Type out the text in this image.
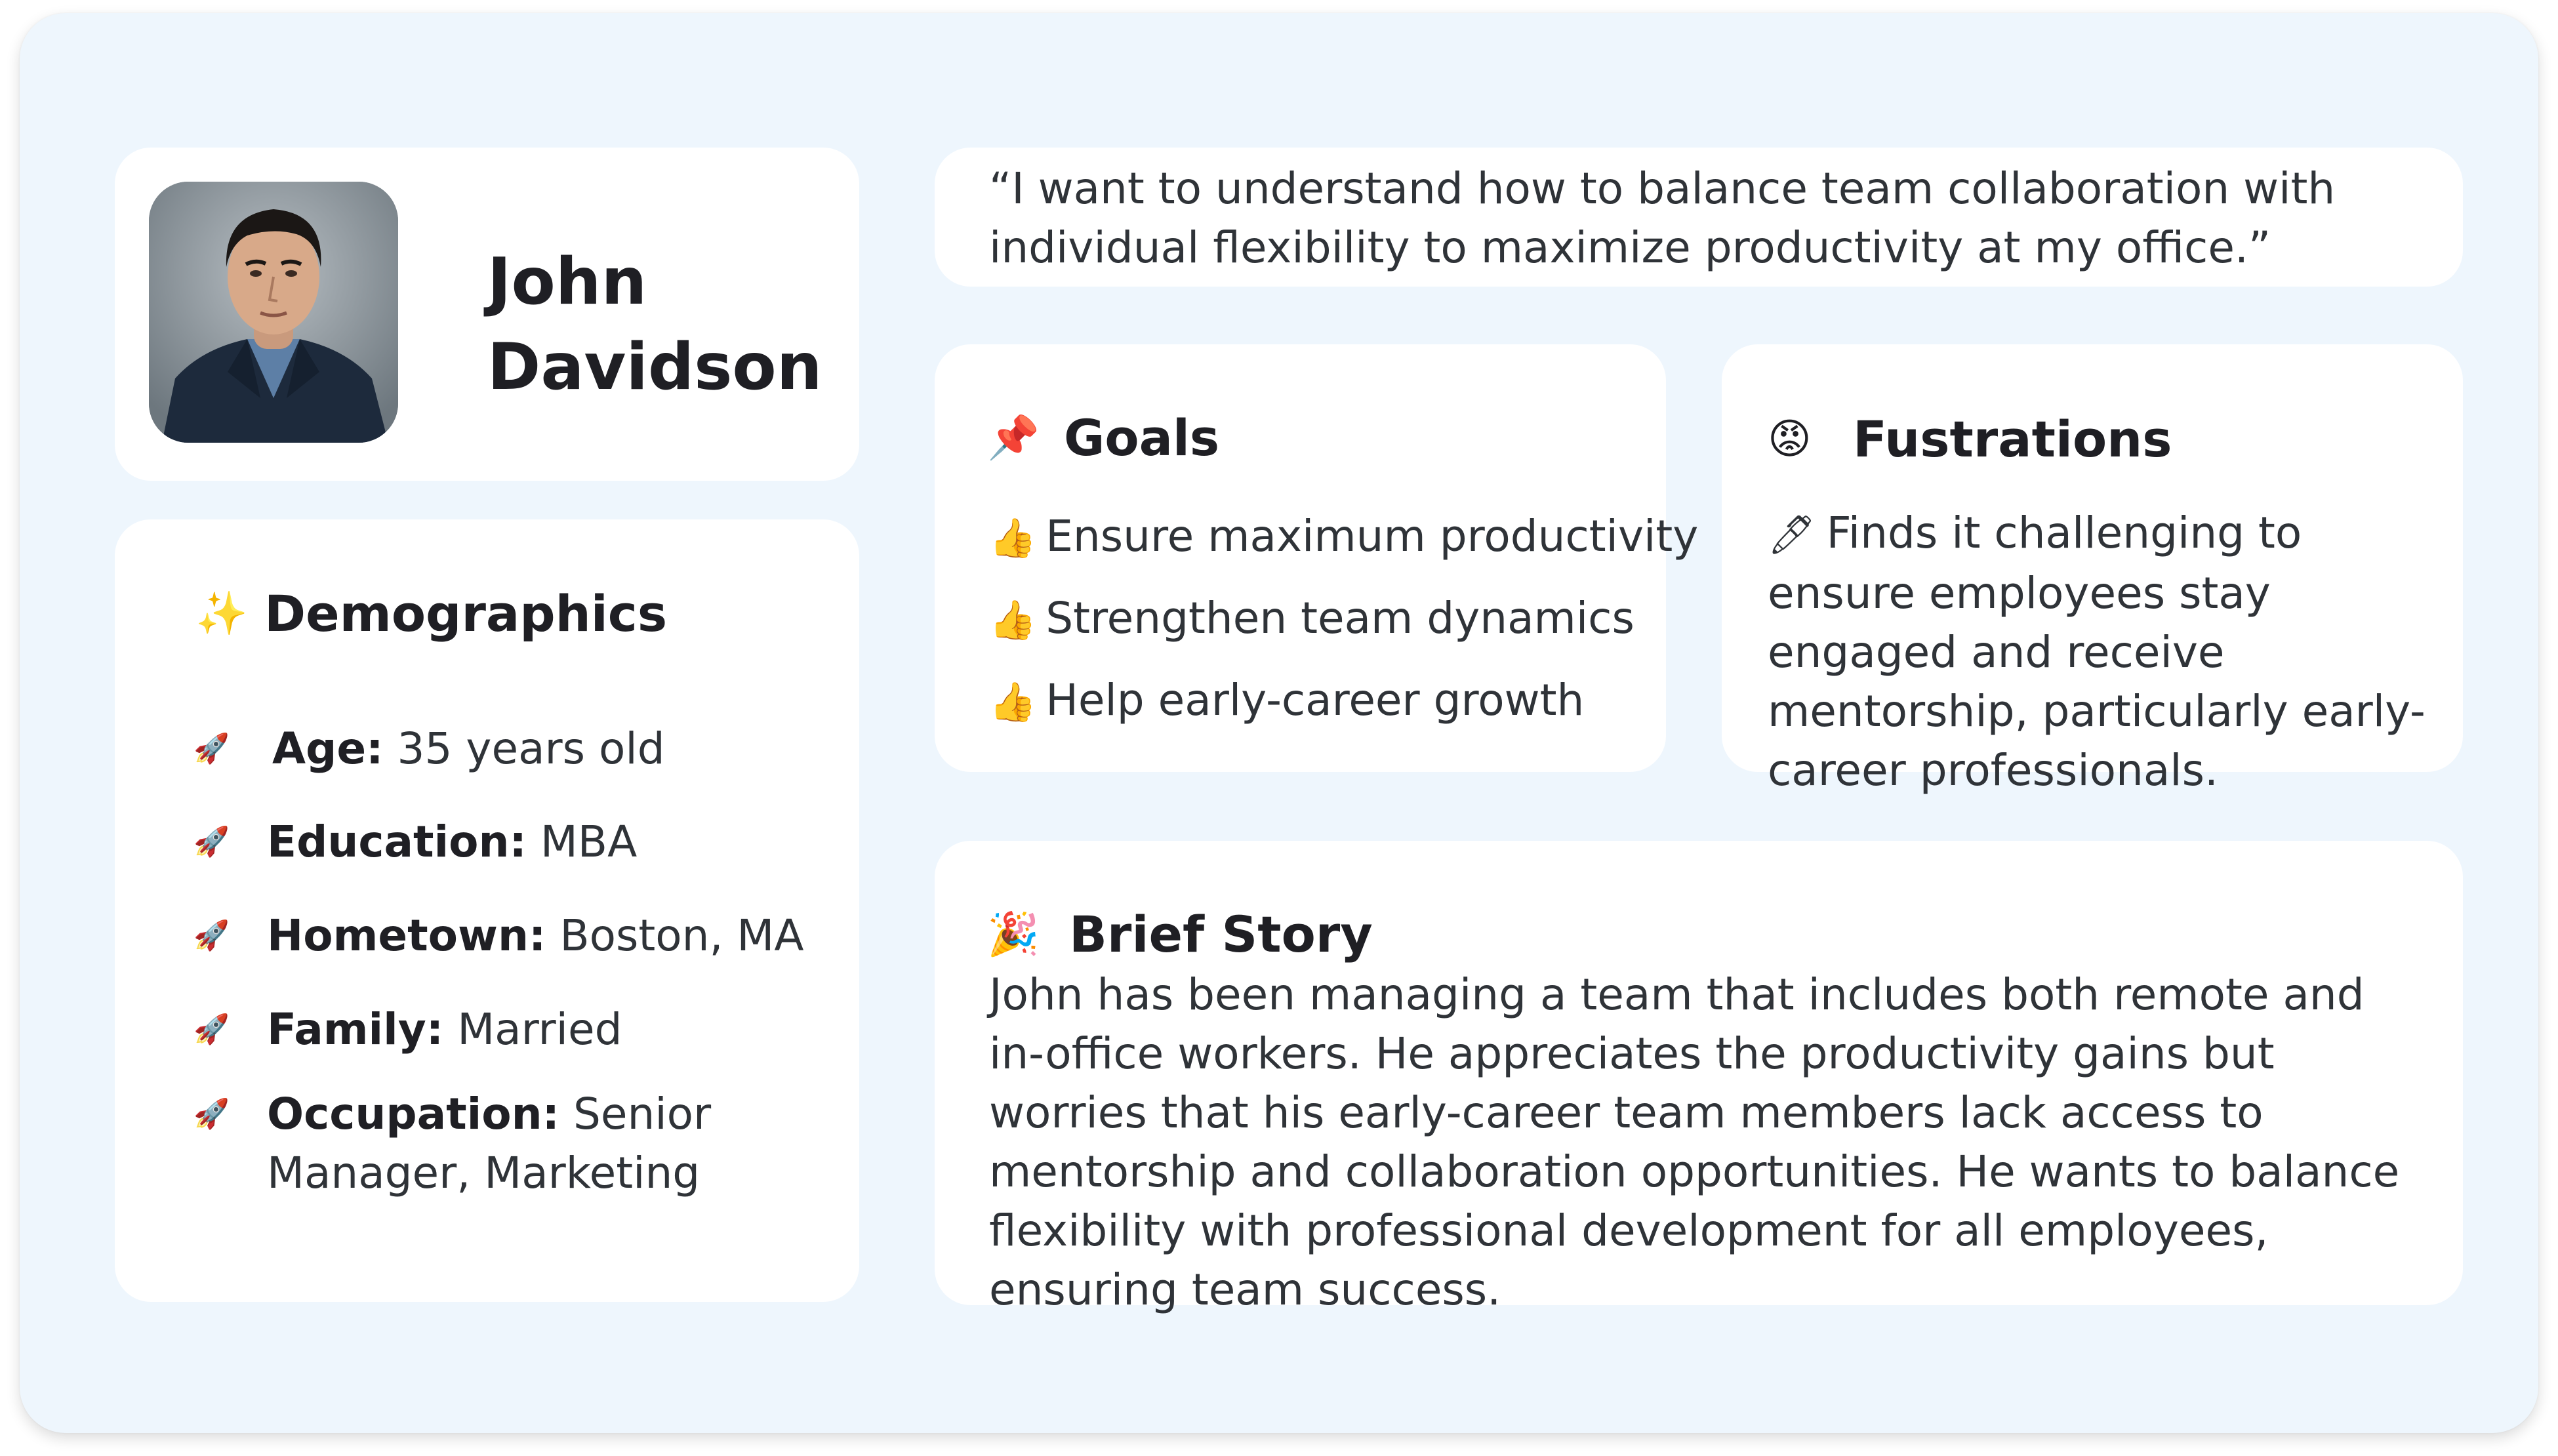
John
Davidson
✨ Demographics
🚀 Age: 35 years old
🚀 Education: MBA
🚀 Hometown: Boston, MA
🚀 Family: Married
🚀 Occupation: Senior Manager, Marketing
“I want to understand how to balance team collaboration with individual flexibility to maximize productivity at my office.”
📌 Goals
👍 Ensure maximum productivity
👍 Strengthen team dynamics
👍 Help early-career growth
😡 Fustrations
🖊 Finds it challenging to ensure employees stay engaged and receive mentorship, particularly early-career professionals.
🎉 Brief Story
John has been managing a team that includes both remote and in-office workers. He appreciates the productivity gains but worries that his early-career team members lack access to mentorship and collaboration opportunities. He wants to balance flexibility with professional development for all employees, ensuring team success.
